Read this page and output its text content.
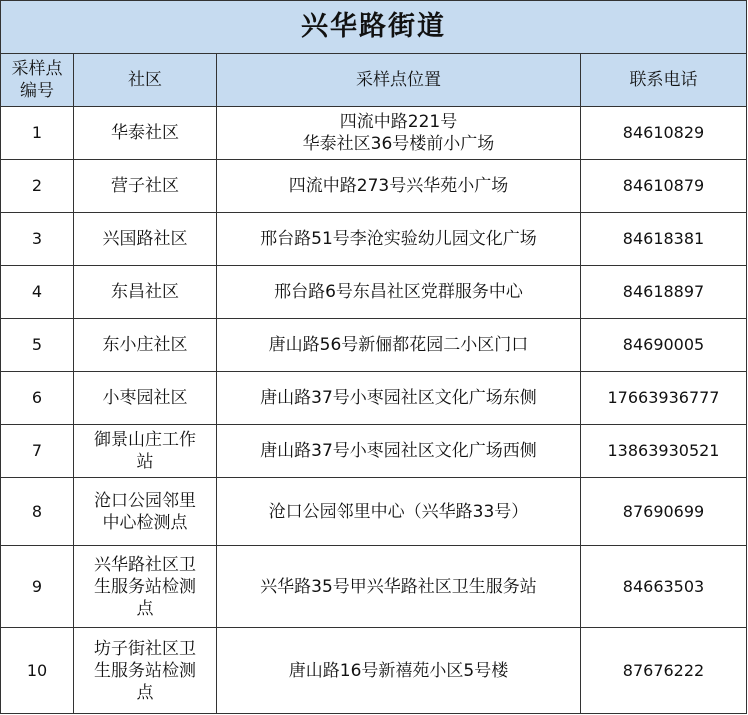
兴华路街道			

采样点
编号	社区	采样点位置	联系电话
1	华泰社区	四流中路221号
华泰社区36号楼前小广场	84610829
2	营子社区	四流中路273号兴华苑小广场	84610879
3	兴国路社区	邢台路51号李沧实验幼儿园文化广场	84618381
4	东昌社区	邢台路6号东昌社区党群服务中心	84618897
5	东小庄社区	唐山路56号新俪都花园二小区门口	84690005
6	小枣园社区	唐山路37号小枣园社区文化广场东侧	17663936777
7	御景山庄工作
站	唐山路37号小枣园社区文化广场西侧	13863930521
8	沧口公园邻里
中心检测点	沧口公园邻里中心（兴华路33号）	87690699
9	兴华路社区卫
生服务站检测
点	兴华路35号甲兴华路社区卫生服务站	84663503
10	坊子街社区卫
生服务站检测
点	唐山路16号新禧苑小区5号楼	87676222
